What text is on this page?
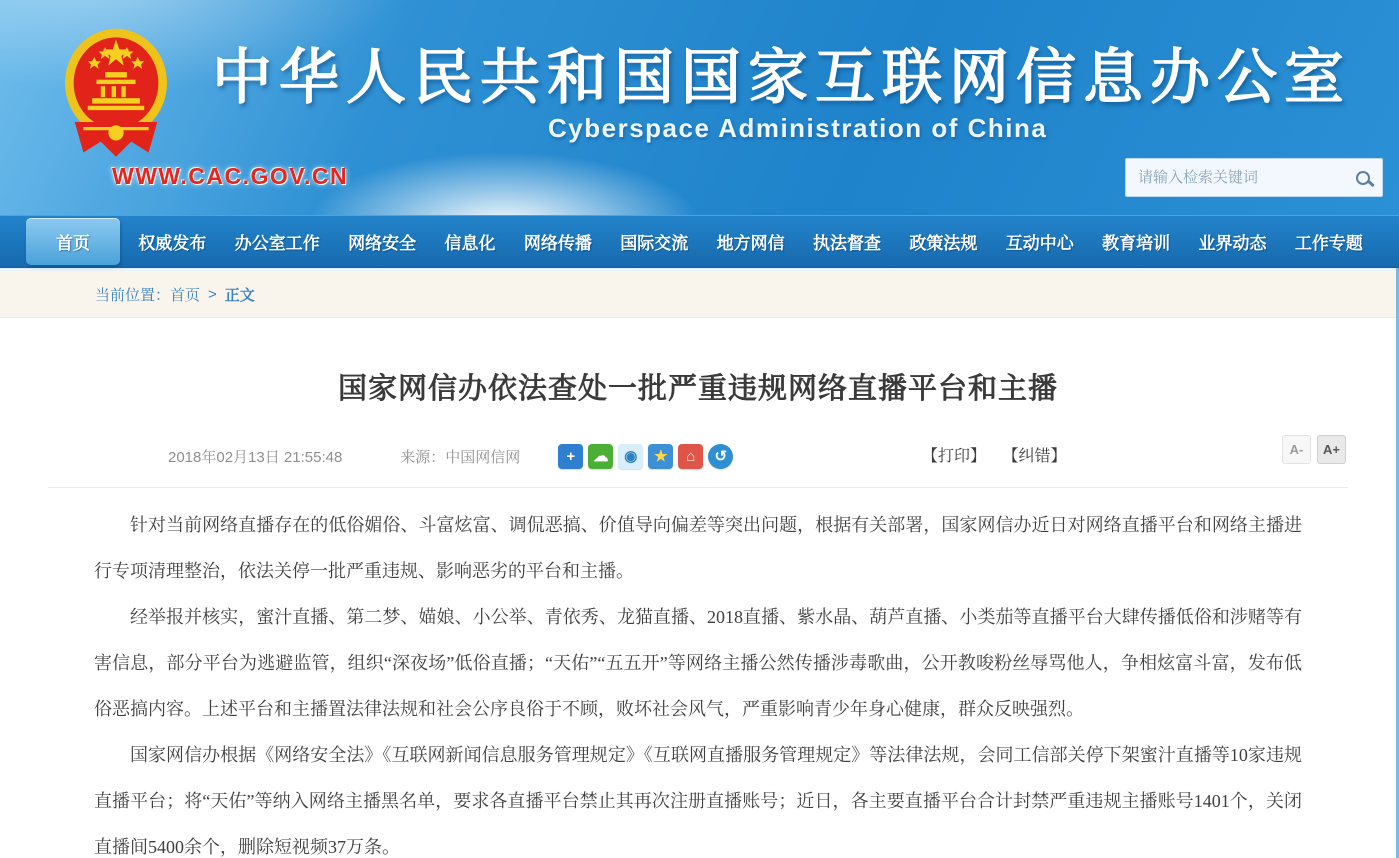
中华人民共和国国家互联网信息办公室
Cyberspace Administration of China
WWW.CAC.GOV.CN
请输入检索关键词
首页	权威发布	办公室工作	网络安全	信息化	网络传播	国际交流	地方网信	执法督查	政策法规	互动中心	教育培训	业界动态	工作专题
当前位置： 首页 > 正文
国家网信办依法查处一批严重违规网络直播平台和主播
2018年02月13日 21:55:48	来源：中国网信网	+	☁	◉	★	⌂	↺	【打印】 【纠错】	A-	A+

针对当前网络直播存在的低俗媚俗、斗富炫富、调侃恶搞、价值导向偏差等突出问题，根据有关部署，国家网信办近日对网络直播平台和网络主播进行专项清理整治，依法关停一批严重违规、影响恶劣的平台和主播。

经举报并核实，蜜汁直播、第二梦、媌娘、小公举、青依秀、龙猫直播、2018直播、紫水晶、葫芦直播、小类茄等直播平台大肆传播低俗和涉赌等有害信息，部分平台为逃避监管，组织“深夜场”低俗直播；“天佑”“五五开”等网络主播公然传播涉毒歌曲，公开教唆粉丝辱骂他人，争相炫富斗富，发布低俗恶搞内容。上述平台和主播置法律法规和社会公序良俗于不顾，败坏社会风气，严重影响青少年身心健康，群众反映强烈。

国家网信办根据《网络安全法》《互联网新闻信息服务管理规定》《互联网直播服务管理规定》等法律法规，会同工信部关停下架蜜汁直播等10家违规直播平台；将“天佑”等纳入网络主播黑名单，要求各直播平台禁止其再次注册直播账号；近日，各主要直播平台合计封禁严重违规主播账号1401个，关闭直播间5400余个，删除短视频37万条。
